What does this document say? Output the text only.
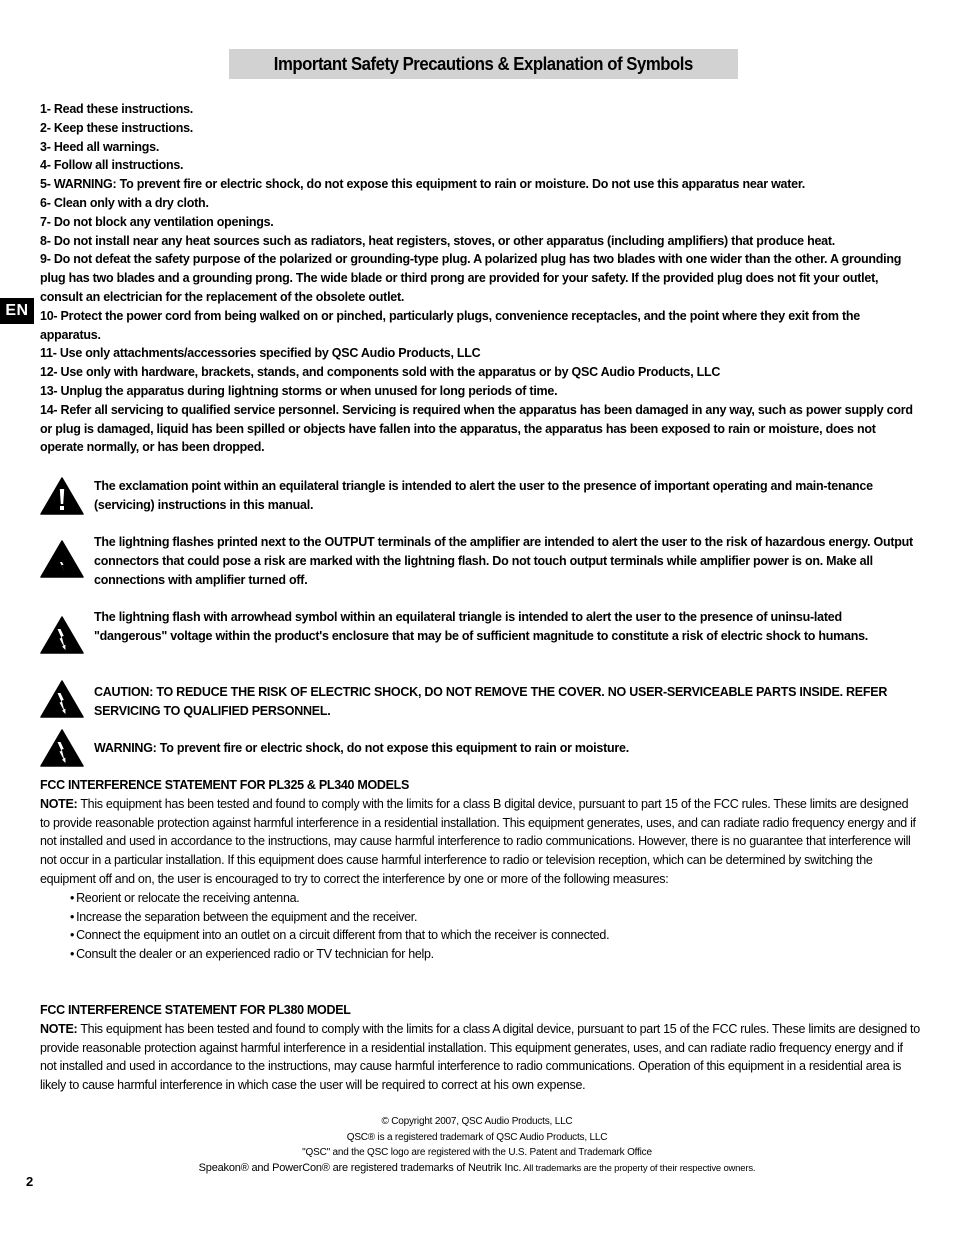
Important Safety Precautions & Explanation of Symbols
EN

1- Read these instructions.

2- Keep these instructions.

3- Heed all warnings.

4- Follow all instructions.

5- WARNING: To prevent fire or electric shock, do not expose this equipment to rain or moisture. Do not use this apparatus near water.

6- Clean only with a dry cloth.

7- Do not block any ventilation openings.

8- Do not install near any heat sources such as radiators, heat registers, stoves, or other apparatus (including amplifiers) that produce heat.

9- Do not defeat the safety purpose of the polarized or grounding-type plug. A polarized plug has two blades with one wider than the other. A grounding plug has two blades and a grounding prong. The wide blade or third prong are provided for your safety. If the provided plug does not fit your outlet, consult an electrician for the replacement of the obsolete outlet.

10- Protect the power cord from being walked on or pinched, particularly plugs, convenience receptacles, and the point where they exit from the apparatus.

11- Use only attachments/accessories specified by QSC Audio Products, LLC

12- Use only with hardware, brackets, stands, and components sold with the apparatus or by QSC Audio Products, LLC

13- Unplug the apparatus during lightning storms or when unused for long periods of time.

14- Refer all servicing to qualified service personnel. Servicing is required when the apparatus has been damaged in any way, such as power supply cord or plug is damaged, liquid has been spilled or objects have fallen into the apparatus, the apparatus has been exposed to rain or moisture, does not operate normally, or has been dropped.

The exclamation point within an equilateral triangle is intended to alert the user to the presence of important operating and main-tenance (servicing) instructions in this manual.
The lightning flashes printed next to the OUTPUT terminals of the amplifier are intended to alert the user to the risk of hazardous energy. Output connectors that could pose a risk are marked with the lightning flash. Do not touch output terminals while amplifier power is on. Make all connections with amplifier turned off.
The lightning flash with arrowhead symbol within an equilateral triangle is intended to alert the user to the presence of uninsu-lated "dangerous" voltage within the product's enclosure that may be of sufficient magnitude to constitute a risk of electric shock to humans.
CAUTION: TO REDUCE THE RISK OF ELECTRIC SHOCK, DO NOT REMOVE THE COVER. NO USER-SERVICEABLE PARTS INSIDE. REFER SERVICING TO QUALIFIED PERSONNEL.
WARNING: To prevent fire or electric shock, do not expose this equipment to rain or moisture.

FCC INTERFERENCE STATEMENT FOR PL325 & PL340 MODELS

NOTE: This equipment has been tested and found to comply with the limits for a class B digital device, pursuant to part 15 of the FCC rules. These limits are designed to provide reasonable protection against harmful interference in a residential installation. This equipment generates, uses, and can radiate radio frequency energy and if not installed and used in accordance to the instructions, may cause harmful interference to radio communications. However, there is no guarantee that interference will not occur in a particular installation. If this equipment does cause harmful interference to radio or television reception, which can be determined by switching the equipment off and on, the user is encouraged to try to correct the interference by one or more of the following measures:

• Reorient or relocate the receiving antenna.
• Increase the separation between the equipment and the receiver.
• Connect the equipment into an outlet on a circuit different from that to which the receiver is connected.
• Consult the dealer or an experienced radio or TV technician for help.

FCC INTERFERENCE STATEMENT FOR PL380 MODEL

NOTE: This equipment has been tested and found to comply with the limits for a class A digital device, pursuant to part 15 of the FCC rules. These limits are designed to provide reasonable protection against harmful interference in a residential installation. This equipment generates, uses, and can radiate radio frequency energy and if not installed and used in accordance to the instructions, may cause harmful interference to radio communications. Operation of this equipment in a residential area is likely to cause harmful interference in which case the user will be required to correct at his own expense.

© Copyright 2007, QSC Audio Products, LLC

QSC® is a registered trademark of QSC Audio Products, LLC

"QSC" and the QSC logo are registered with the U.S. Patent and Trademark Office

Speakon® and PowerCon® are registered trademarks of Neutrik Inc. All trademarks are the property of their respective owners.

2
